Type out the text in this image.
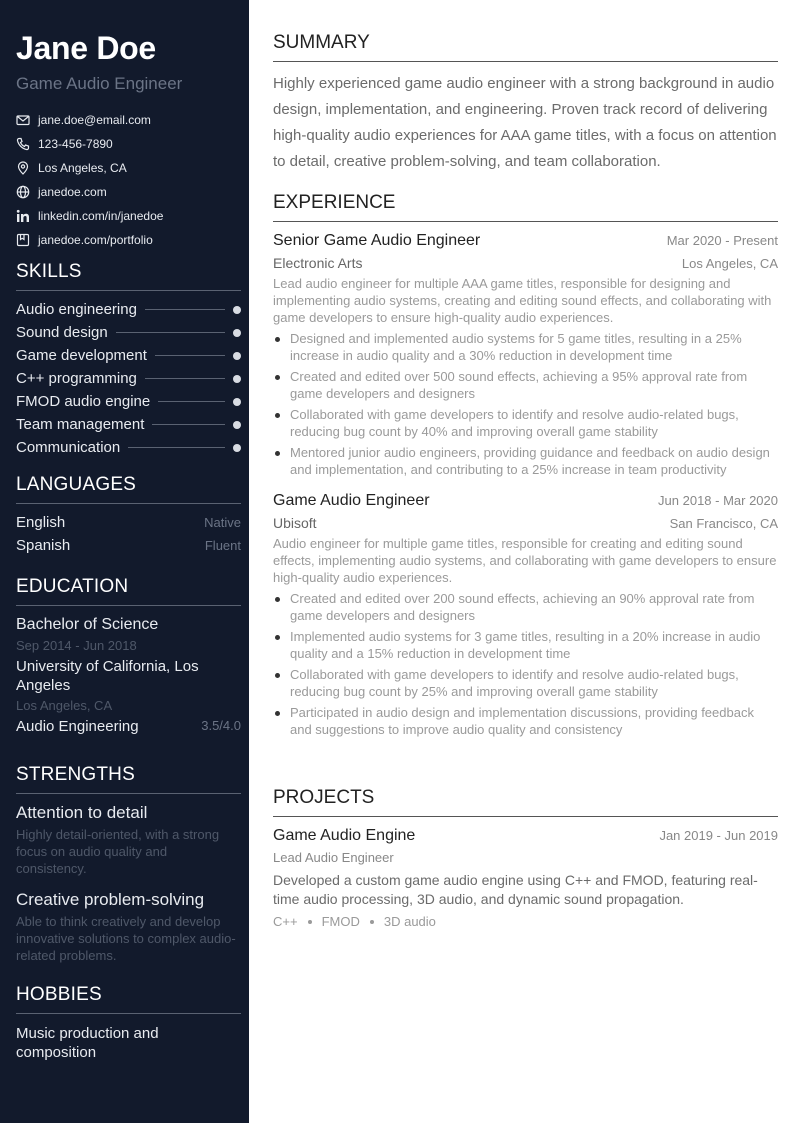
Jane Doe
Game Audio Engineer
jane.doe@email.com
123-456-7890
Los Angeles, CA
janedoe.com
linkedin.com/in/janedoe
janedoe.com/portfolio
SKILLS
Audio engineering
Sound design
Game development
C++ programming
FMOD audio engine
Team management
Communication
LANGUAGES
English	Native
Spanish	Fluent
EDUCATION
Bachelor of Science
Sep 2014 - Jun 2018
University of California, Los Angeles
Los Angeles, CA
Audio Engineering	3.5/4.0
STRENGTHS
Attention to detail
Highly detail-oriented, with a strong focus on audio quality and consistency.
Creative problem-solving
Able to think creatively and develop innovative solutions to complex audio-related problems.
HOBBIES
Music production and composition
SUMMARY

Highly experienced game audio engineer with a strong background in audio design, implementation, and engineering. Proven track record of delivering high-quality audio experiences for AAA game titles, with a focus on attention to detail, creative problem-solving, and team collaboration.

EXPERIENCE
Senior Game Audio Engineer	Mar 2020 - Present
Electronic Arts	Los Angeles, CA
Lead audio engineer for multiple AAA game titles, responsible for designing and implementing audio systems, creating and editing sound effects, and collaborating with game developers to ensure high-quality audio experiences.
Designed and implemented audio systems for 5 game titles, resulting in a 25% increase in audio quality and a 30% reduction in development time
Created and edited over 500 sound effects, achieving a 95% approval rate from game developers and designers
Collaborated with game developers to identify and resolve audio-related bugs, reducing bug count by 40% and improving overall game stability
Mentored junior audio engineers, providing guidance and feedback on audio design and implementation, and contributing to a 25% increase in team productivity
Game Audio Engineer	Jun 2018 - Mar 2020
Ubisoft	San Francisco, CA
Audio engineer for multiple game titles, responsible for creating and editing sound effects, implementing audio systems, and collaborating with game developers to ensure high-quality audio experiences.
Created and edited over 200 sound effects, achieving an 90% approval rate from game developers and designers
Implemented audio systems for 3 game titles, resulting in a 20% increase in audio quality and a 15% reduction in development time
Collaborated with game developers to identify and resolve audio-related bugs, reducing bug count by 25% and improving overall game stability
Participated in audio design and implementation discussions, providing feedback and suggestions to improve audio quality and consistency
PROJECTS
Game Audio Engine	Jan 2019 - Jun 2019
Lead Audio Engineer
Developed a custom game audio engine using C++ and FMOD, featuring real-time audio processing, 3D audio, and dynamic sound propagation.
C++ FMOD 3D audio
